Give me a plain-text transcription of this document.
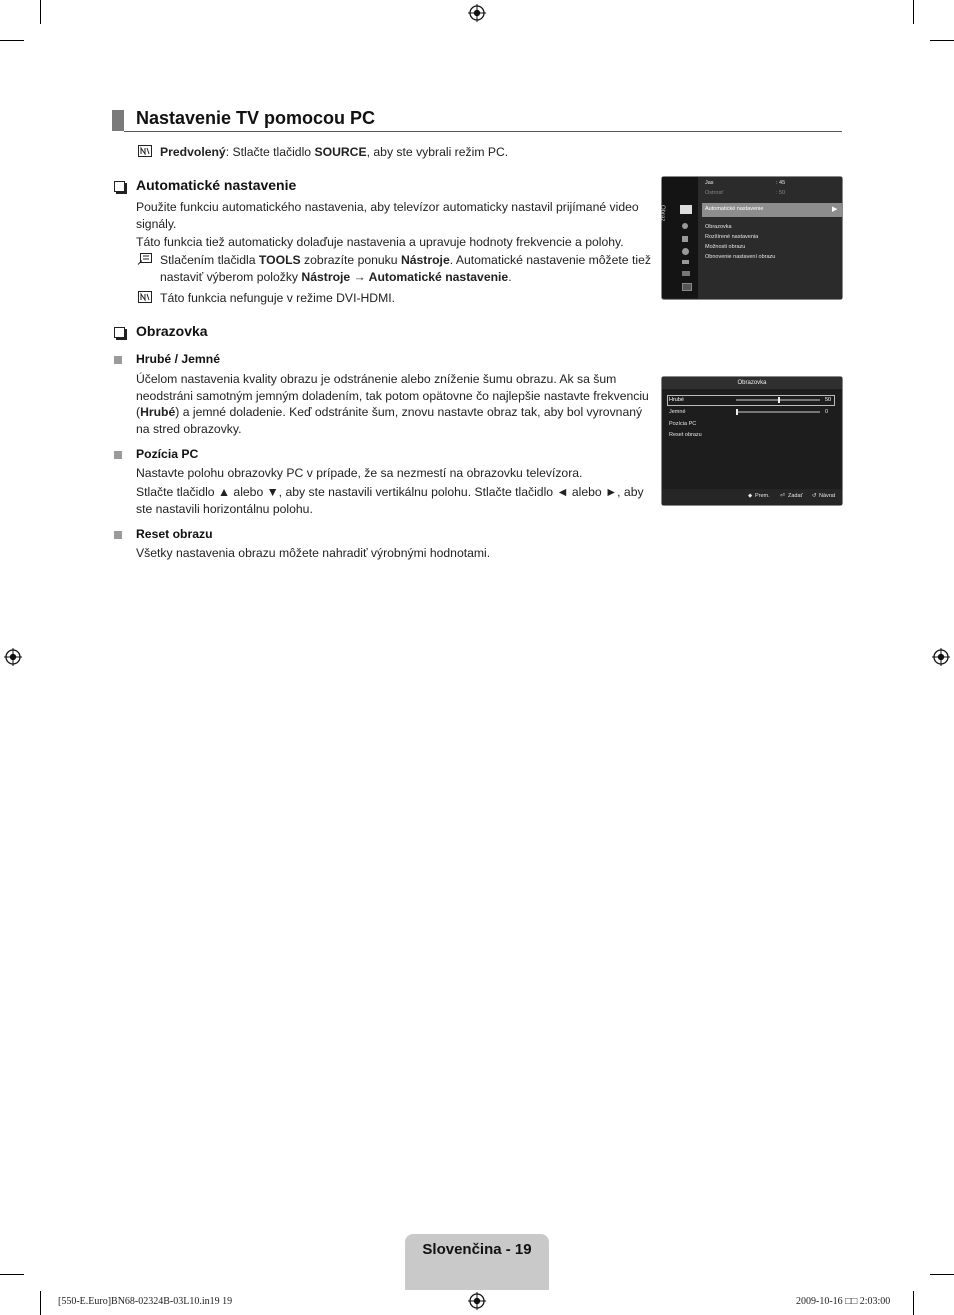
Nastavenie TV pomocou PC
Predvolený: Stlačte tlačidlo SOURCE, aby ste vybrali režim PC.
Automatické nastavenie
Použite funkciu automatického nastavenia, aby televízor automaticky nastavil prijímané video signály.
Táto funkcia tiež automaticky dolaďuje nastavenia a upravuje hodnoty frekvencie a polohy.
Stlačením tlačidla TOOLS zobrazíte ponuku Nástroje. Automatické nastavenie môžete tiež nastaviť výberom položky Nástroje → Automatické nastavenie.
Táto funkcia nefunguje v režime DVI-HDMI.
Obraz
Jas	: 45
Ostrosť	: 50
Automatické nastavenie	▶
Obrazovka
Rozšírené nastavenia
Možnosti obrazu
Obnovenie nastavení obrazu
Obrazovka
Hrubé / Jemné
Účelom nastavenia kvality obrazu je odstránenie alebo zníženie šumu obrazu. Ak sa šum neodstráni samotným jemným doladením, tak potom opätovne čo najlepšie nastavte frekvenciu (Hrubé) a jemné doladenie. Keď odstránite šum, znovu nastavte obraz tak, aby bol vyrovnaný na stred obrazovky.
Pozícia PC
Nastavte polohu obrazovky PC v prípade, že sa nezmestí na obrazovku televízora.
Stlačte tlačidlo ▲ alebo ▼, aby ste nastavili vertikálnu polohu. Stlačte tlačidlo ◄ alebo ►, aby ste nastavili horizontálnu polohu.
Reset obrazu
Všetky nastavenia obrazu môžete nahradiť výrobnými hodnotami.
Obrazovka
Hrubé	50
Jemné	0
Pozícia PC
Reset obrazu
◆ Prem. ⏎ Zadať ↺ Návrat
Slovenčina - 19
[550-E.Euro]BN68-02324B-03L10.in19 19	2009-10-16 □□ 2:03:00
